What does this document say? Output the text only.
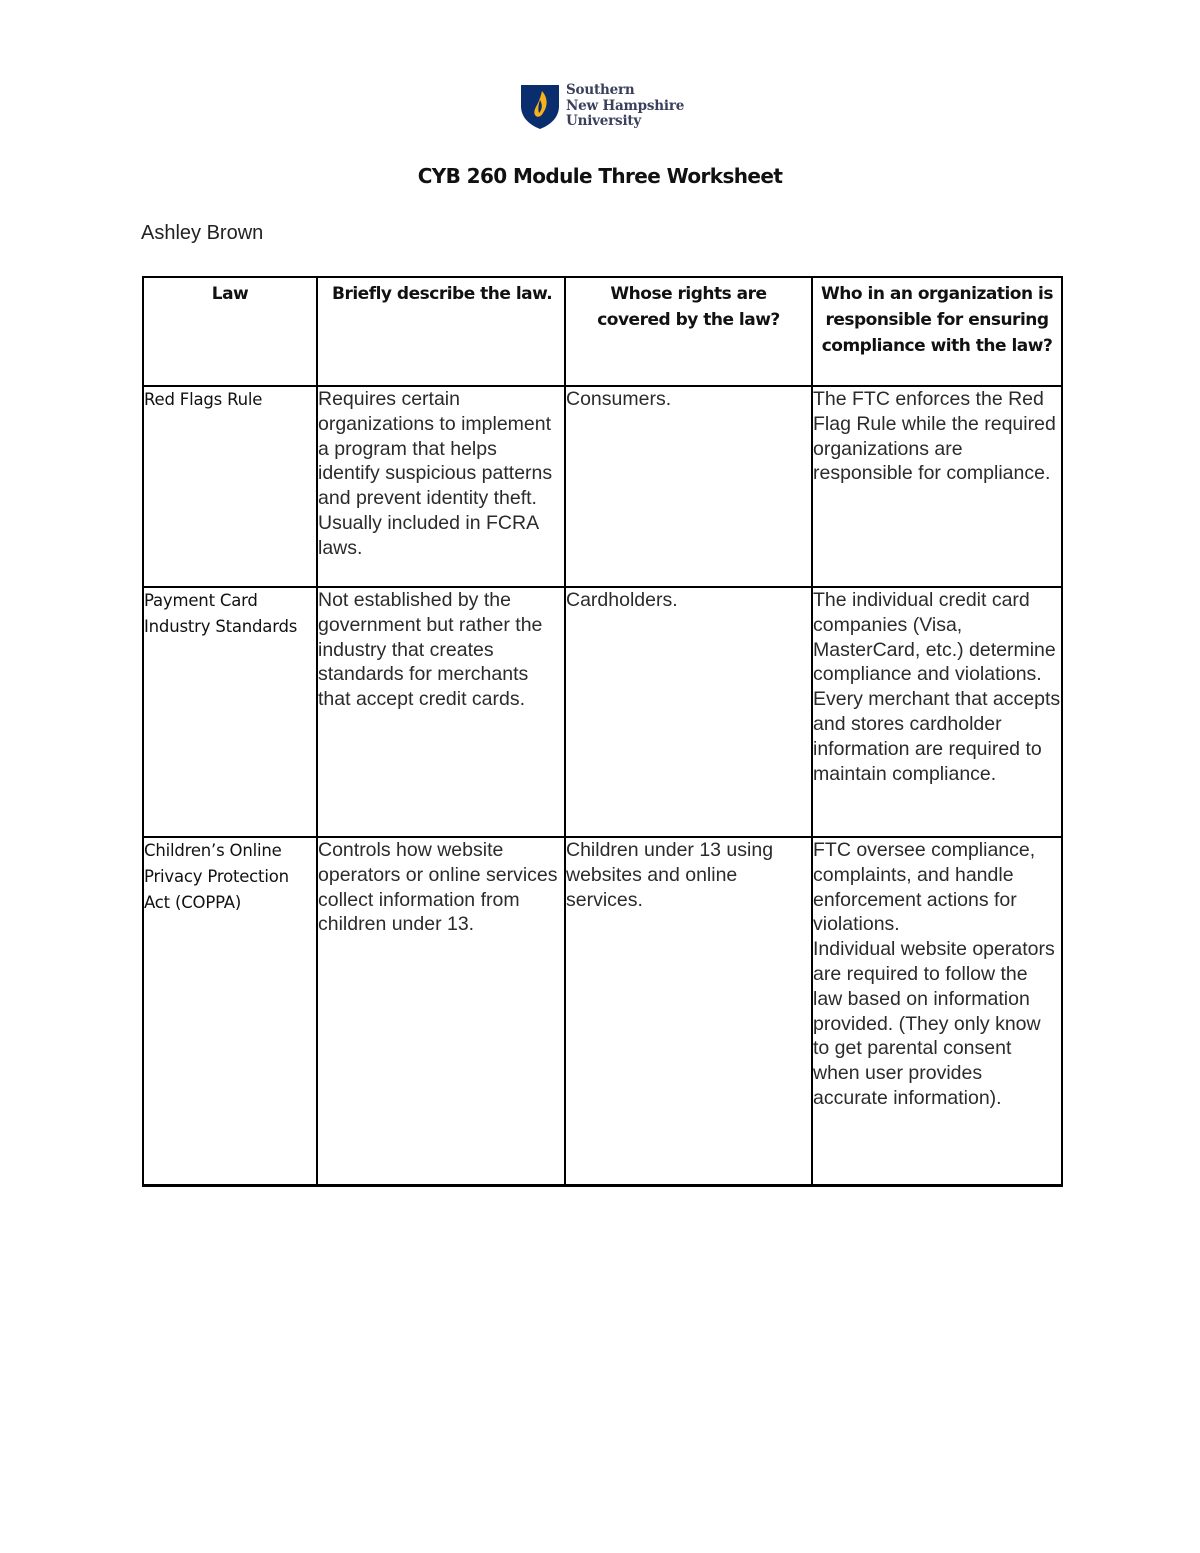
Southern
New Hampshire
University
CYB 260 Module Three Worksheet
Ashley Brown
Law	Briefly describe the law.	Whose rights are covered by the law?	Who in an organization is responsible for ensuring compliance with the law?
Red Flags Rule	Requires certain organizations to implement a program that helps identify suspicious patterns and prevent identity theft. Usually included in FCRA laws.	Consumers.	The FTC enforces the Red Flag Rule while the required organizations are responsible for compliance.
Payment Card Industry Standards	Not established by the government but rather the industry that creates standards for merchants that accept credit cards.	Cardholders.	The individual credit card companies (Visa, MasterCard, etc.) determine compliance and violations.
Every merchant that accepts and stores cardholder information are required to maintain compliance.

Children’s Online Privacy Protection Act (COPPA)	Controls how website operators or online services collect information from children under 13.	Children under 13 using websites and online services.	FTC oversee compliance, complaints, and handle enforcement actions for violations.
Individual website operators are required to follow the law based on information provided. (They only know to get parental consent when user provides accurate information).
